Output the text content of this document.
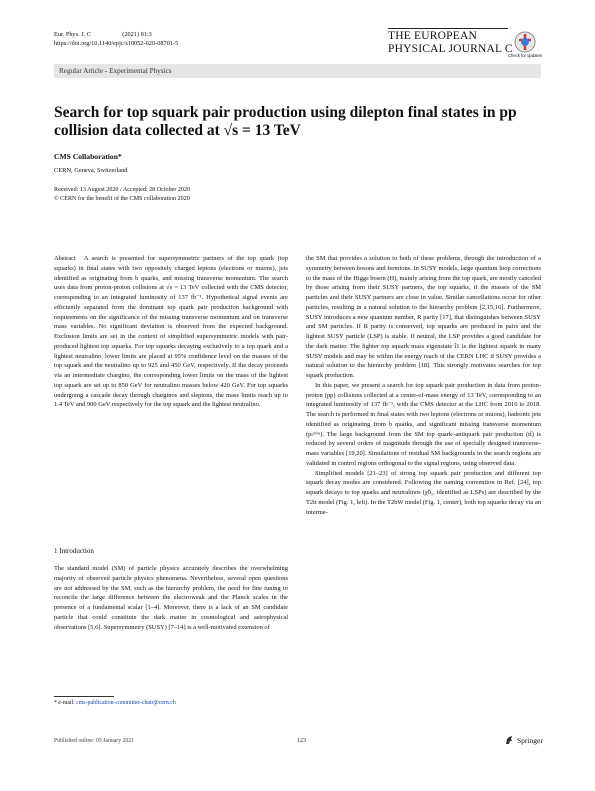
Eur. Phys. J. C	(2021) 81:3
https://doi.org/10.1140/epjc/s10052-020-08701-5
THE EUROPEAN
PHYSICAL JOURNAL C
Check for updates
Regular Article - Experimental Physics
Search for top squark pair production using dilepton final states in pp collision data collected at √s = 13 TeV
CMS Collaboration*
CERN, Geneva, Switzerland
Received: 13 August 2020 / Accepted: 28 October 2020
© CERN for the benefit of the CMS collaboration 2020

Abstract A search is presented for supersymmetric partners of the top quark (top squarks) in final states with two oppositely charged leptons (electrons or muons), jets identified as originating from b quarks, and missing transverse momentum. The search uses data from proton-proton collisions at √s = 13 TeV collected with the CMS detector, corresponding to an integrated luminosity of 137 fb⁻¹. Hypothetical signal events are efficiently separated from the dominant top quark pair production background with requirements on the significance of the missing transverse momentum and on transverse mass variables. No significant deviation is observed from the expected background. Exclusion limits are set in the context of simplified supersymmetric models with pair-produced lightest top squarks. For top squarks decaying exclusively to a top quark and a lightest neutralino, lower limits are placed at 95% confidence level on the masses of the top squark and the neutralino up to 925 and 450 GeV, respectively. If the decay proceeds via an intermediate chargino, the corresponding lower limits on the mass of the lightest top squark are set up to 850 GeV for neutralino masses below 420 GeV. For top squarks undergoing a cascade decay through charginos and sleptons, the mass limits reach up to 1.4 TeV and 900 GeV respectively for the top squark and the lightest neutralino.

1 Introduction

The standard model (SM) of particle physics accurately describes the overwhelming majority of observed particle physics phenomena. Nevertheless, several open questions are not addressed by the SM, such as the hierarchy problem, the need for fine tuning to reconcile the large difference between the electroweak and the Planck scales in the presence of a fundamental scalar [1–4]. Moreover, there is a lack of an SM candidate particle that could constitute the dark matter in cosmological and astrophysical observations [5,6]. Supersymmetry (SUSY) [7–14] is a well-motivated extension of

the SM that provides a solution to both of these problems, through the introduction of a symmetry between bosons and fermions. In SUSY models, large quantum loop corrections to the mass of the Higgs boson (H), mainly arising from the top quark, are mostly canceled by those arising from their SUSY partners, the top squarks, if the masses of the SM particles and their SUSY partners are close in value. Similar cancellations occur for other particles, resulting in a natural solution to the hierarchy problem [2,15,16]. Furthermore, SUSY introduces a new quantum number, R parity [17], that distinguishes between SUSY and SM particles. If R parity is conserved, top squarks are produced in pairs and the lightest SUSY particle (LSP) is stable. If neutral, the LSP provides a good candidate for the dark matter. The lighter top squark mass eigenstate t̃1 is the lightest squark in many SUSY models and may be within the energy reach of the CERN LHC if SUSY provides a natural solution to the hierarchy problem [18]. This strongly motivates searches for top squark production.

In this paper, we present a search for top squark pair production in data from proton-proton (pp) collisions collected at a center-of-mass energy of 13 TeV, corresponding to an integrated luminosity of 137 fb⁻¹, with the CMS detector at the LHC from 2016 to 2018. The search is performed in final states with two leptons (electrons or muons), hadronic jets identified as originating from b quarks, and significant missing transverse momentum (pₜᵐⁱˢˢ). The large background from the SM top quark–antiquark pair production (tt̄) is reduced by several orders of magnitude through the use of specially designed transverse-mass variables [19,20]. Simulations of residual SM backgrounds in the search regions are validated in control regions orthogonal to the signal regions, using observed data.

Simplified models [21–23] of strong top squark pair production and different top squark decay modes are considered. Following the naming convention in Ref. [24], top squark decays to top quarks and neutralinos (χ̃0₁, identified as LSPs) are described by the T2tt model (Fig. 1, left). In the T2bW model (Fig. 1, center), both top squarks decay via an interme-

* e-mail: cms-publication-committee-chair@cern.ch
Published online: 05 January 2021	123	Springer
